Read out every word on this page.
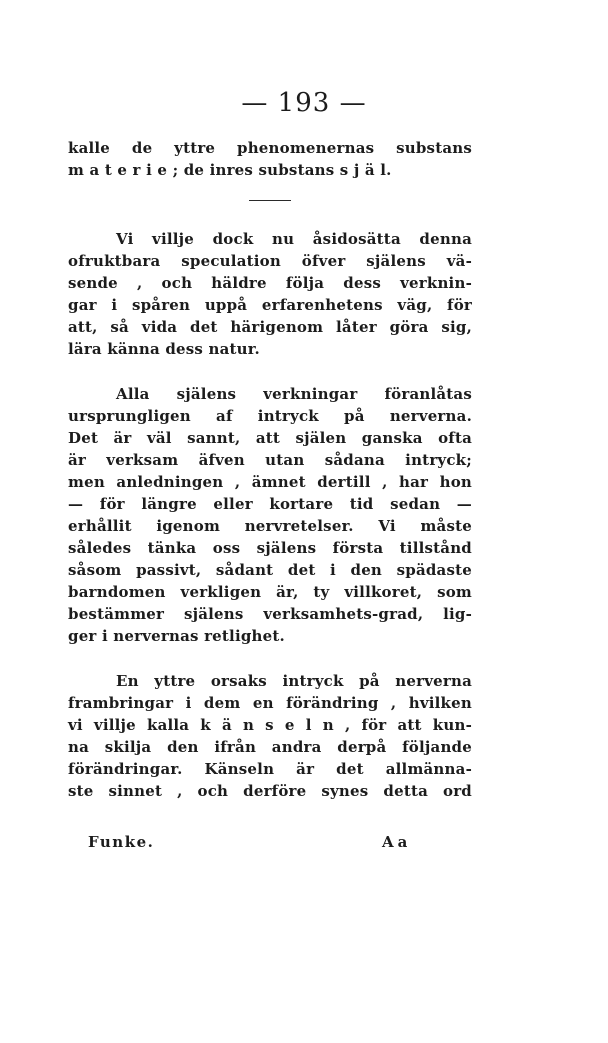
— 193 —
kalle de yttre phenomenernas substans
m a t e r i e ; de inres substans s j ä l.
Vi villje dock nu åsidosätta denna
ofruktbara speculation öfver själens vä-
sende , och häldre följa dess verknin-
gar i spåren uppå erfarenhetens väg, för
att, så vida det härigenom låter göra sig,
lära känna dess natur.
Alla själens verkningar föranlåtas
ursprungligen af intryck på nerverna.
Det är väl sannt, att själen ganska ofta
är verksam äfven utan sådana intryck;
men anledningen , ämnet dertill , har hon
— för längre eller kortare tid sedan —
erhållit igenom nervretelser. Vi måste
således tänka oss själens första tillstånd
såsom passivt, sådant det i den spädaste
barndomen verkligen är, ty villkoret, som
bestämmer själens verksamhets-grad, lig-
ger i nervernas retlighet.
En yttre orsaks intryck på nerverna
frambringar i dem en förändring , hvilken
vi villje kalla k ä n s e l n , för att kun-
na skilja den ifrån andra derpå följande
förändringar. Känseln är det allmänna-
ste sinnet , och derföre synes detta ord
Funke.	Aa
